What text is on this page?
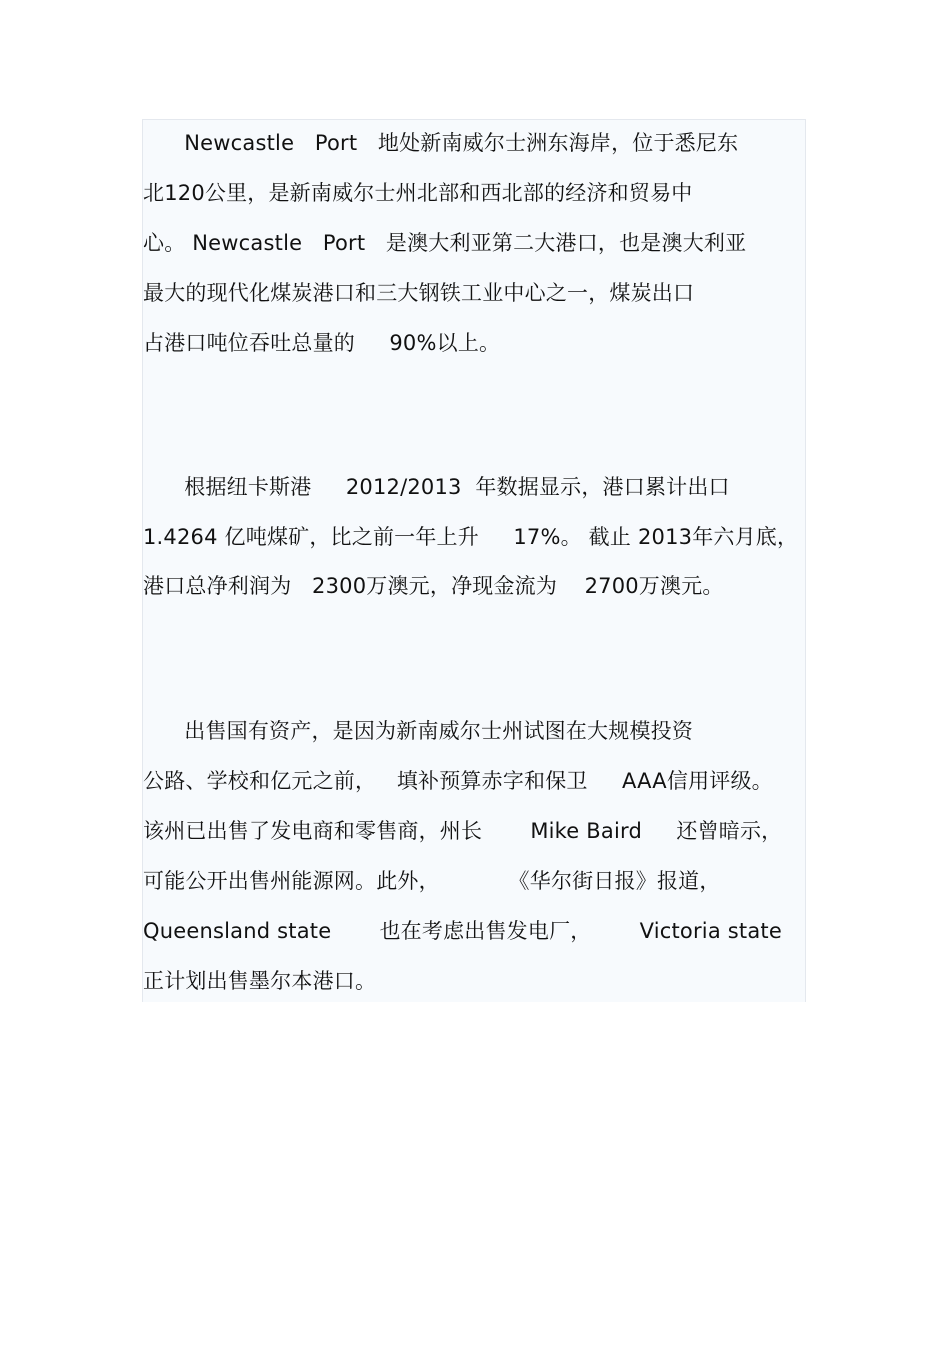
Newcastle   Port   地处新南威尔士洲东海岸，位于悉尼东
北120公里，是新南威尔士州北部和西北部的经济和贸易中
心。 Newcastle   Port   是澳大利亚第二大港口，也是澳大利亚
最大的现代化煤炭港口和三大钢铁工业中心之一，煤炭出口
占港口吨位吞吐总量的     90%以上。
根据纽卡斯港     2012/2013  年数据显示，港口累计出口
1.4264 亿吨煤矿，比之前一年上升     17%。 截止 2013年六月底，
港口总净利润为   2300万澳元，净现金流为    2700万澳元。
出售国有资产，是因为新南威尔士州试图在大规模投资
公路、学校和亿元之前，   填补预算赤字和保卫     AAA信用评级。
该州已出售了发电商和零售商，州长       Mike Baird     还曾暗示，
可能公开出售州能源网。此外，          《华尔街日报》报道，
Queensland state       也在考虑出售发电厂，       Victoria state
正计划出售墨尔本港口。
